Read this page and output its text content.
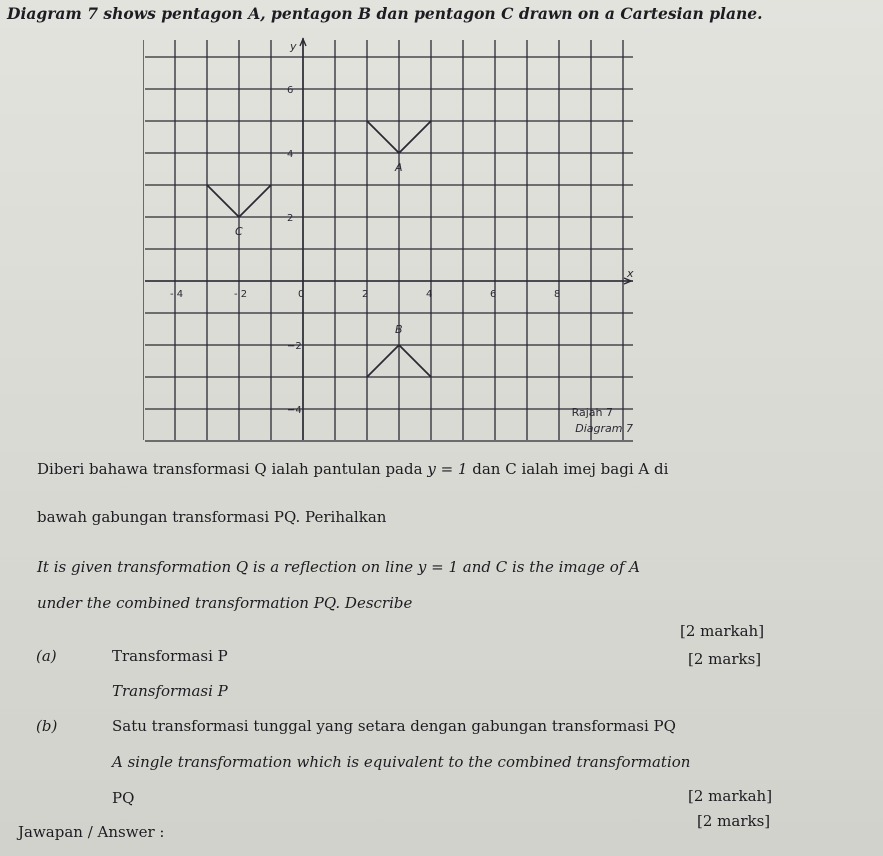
Diagram 7 shows pentagon A, pentagon B dan pentagon C drawn on a Cartesian plane.
y
x
- 4	- 2	0	2	4	6	8
6
4
2
−2
−4
A
C
B
Rajah 7
Diagram 7
Diberi bahawa transformasi Q ialah pantulan pada y = 1 dan C ialah imej bagi A di
bawah gabungan transformasi PQ. Perihalkan
It is given transformation Q is a reflection on line y = 1 and C is the image of A
under the combined transformation PQ. Describe
[2 markah]
(a)	Transformasi P	[2 marks]
Transformasi P
(b)	Satu transformasi tunggal yang setara dengan gabungan transformasi PQ
A single transformation which is equivalent to the combined transformation
PQ	[2 markah]
[2 marks]
Jawapan / Answer :
